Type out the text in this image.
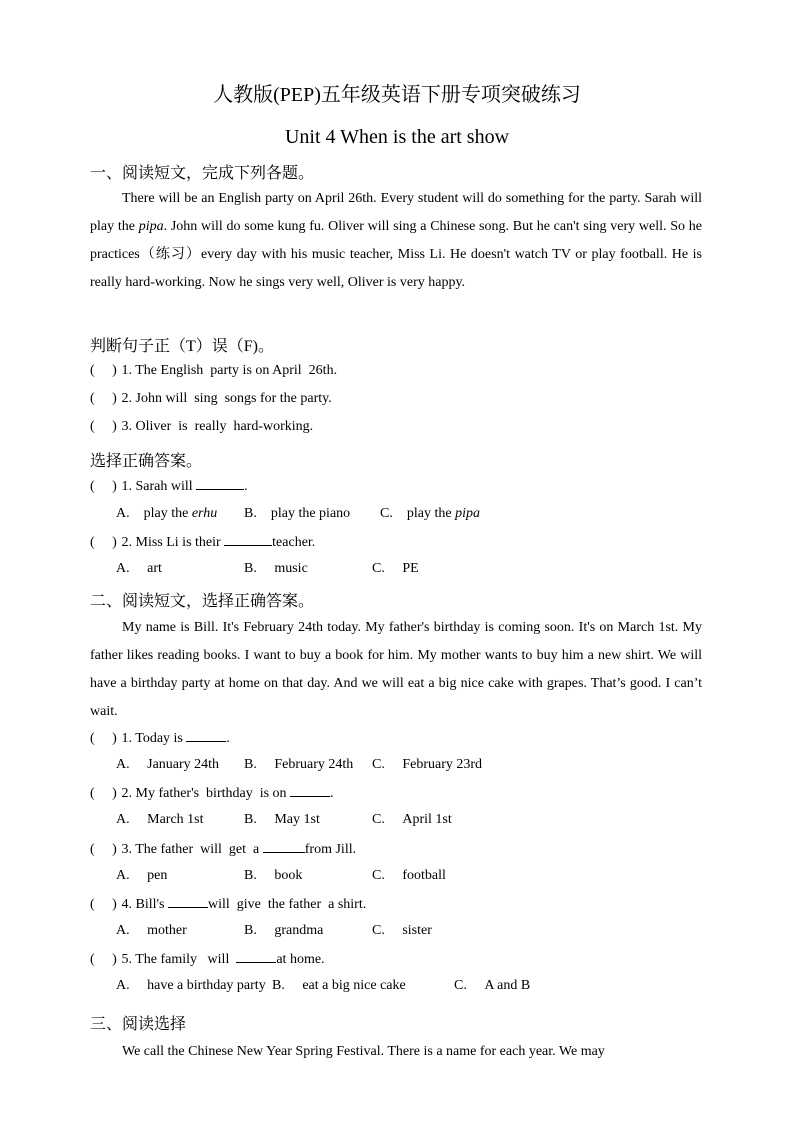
人教版(PEP)五年级英语下册专项突破练习
Unit 4 When is the art show
一、阅读短文，完成下列各题。
There will be an English party on April 26th. Every student will do something for the party. Sarah will play the pipa. John will do some kung fu. Oliver will sing a Chinese song. But he can't sing very well. So he practices（练习）every day with his music teacher, Miss Li. He doesn't watch TV or play football. He is really hard-working. Now he sings very well, Oliver is very happy.
判断句子正（T）误（F)。
(     ) 1. The English  party is on April  26th.
(     ) 2. John will  sing  songs for the party.
(     ) 3. Oliver  is  really  hard-working.
选择正确答案。
(     ) 1. Sarah will	.
A. play the erhu B. play the piano C. play the pipa
(     ) 2. Miss Li is their	teacher.
A. art	B. music	C. PE
二、阅读短文，选择正确答案。
My name is Bill. It's February 24th today. My father's birthday is coming soon. It's on March 1st. My father likes reading books. I want to buy a book for him. My mother wants to buy him a new shirt. We will have a birthday party at home on that day. And we will eat a big nice cake with grapes. That’s good. I can’t wait.
(     ) 1. Today is	.
A. January 24th B. February 24th C. February 23rd
(     ) 2. My father's  birthday  is on	.
A. March 1st	B. May 1st	C. April 1st
(     ) 3. The father  will  get  a	from Jill.
A. pen	B. book	C. football
(     ) 4. Bill's	will  give  the father  a shirt.
A. mother	B. grandma	C. sister
(     ) 5. The family   will	at home.
A. have a birthday party B. eat a big nice cake	C. A and B
三、阅读选择
We call the Chinese New Year Spring Festival. There is a name for each year. We may
